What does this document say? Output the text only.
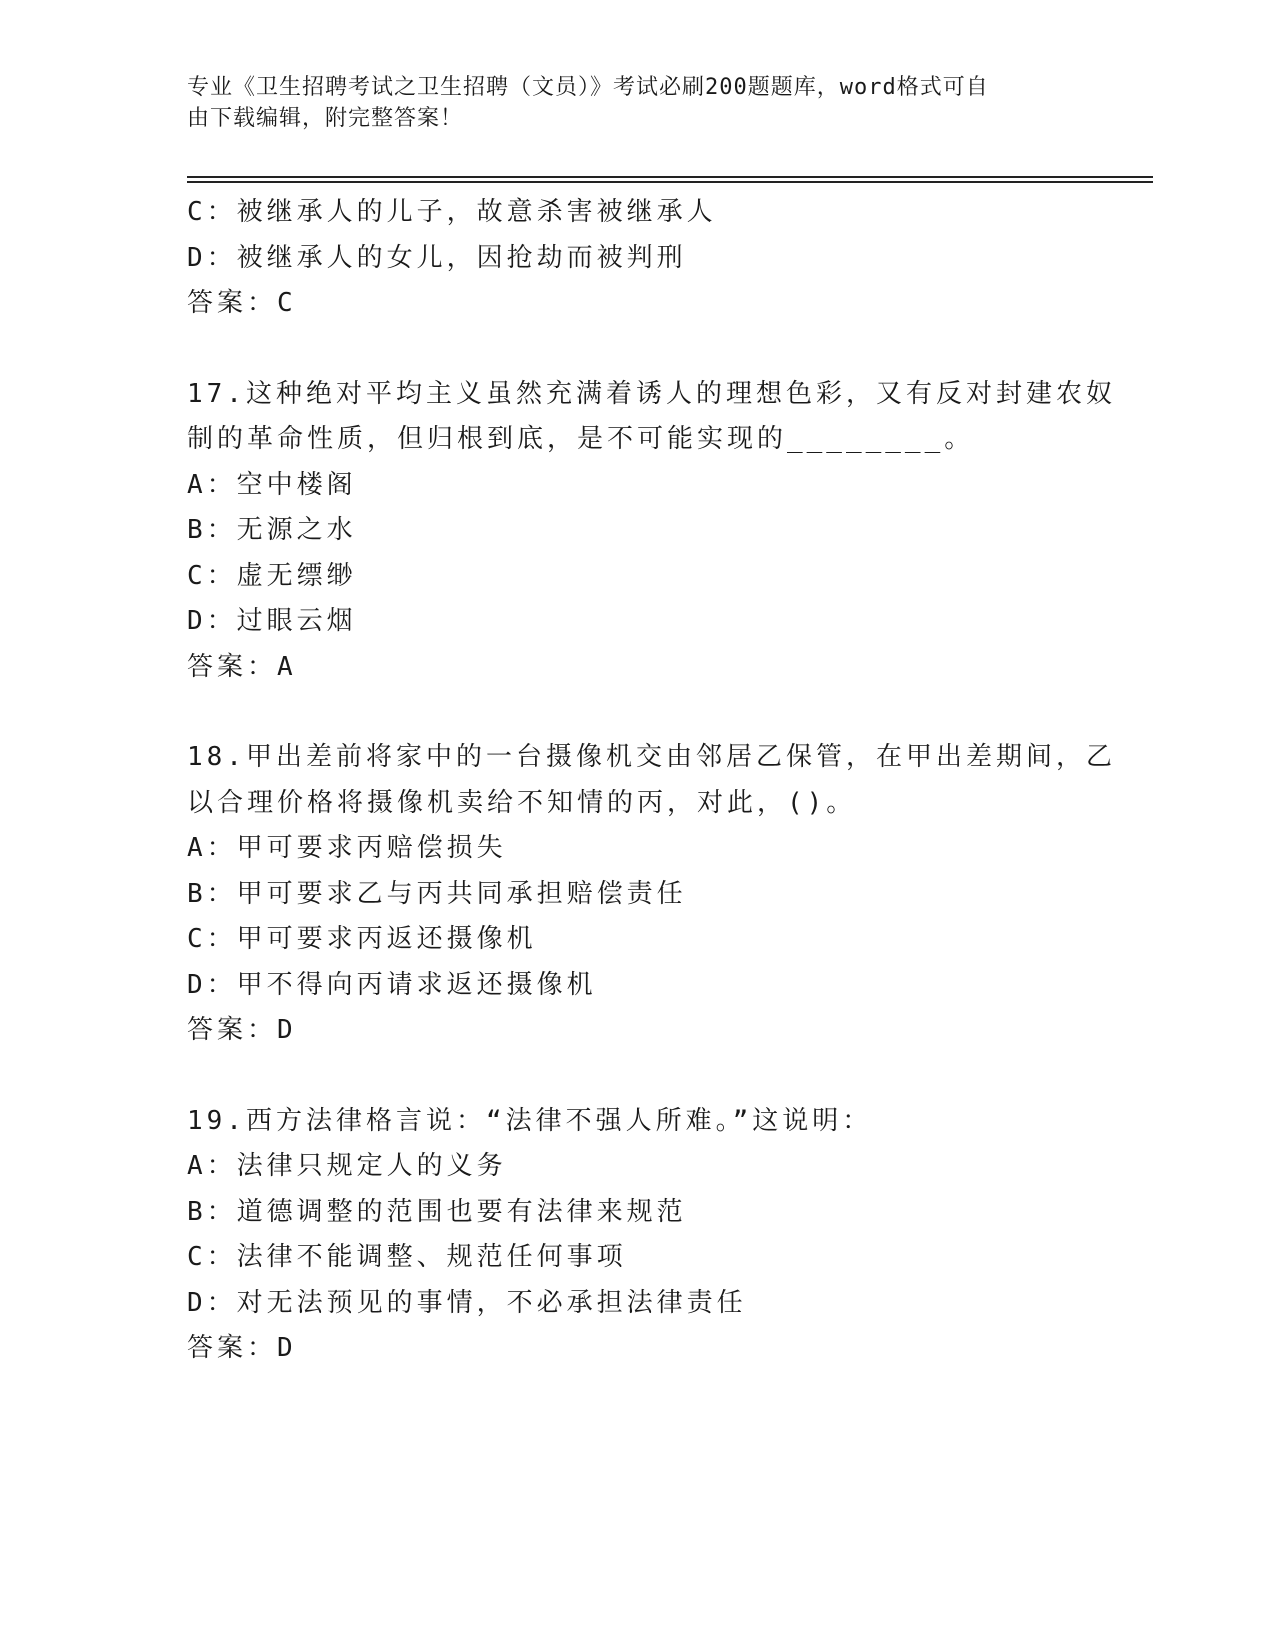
专业《卫生招聘考试之卫生招聘（文员）》考试必刷200题题库，word格式可自
由下载编辑，附完整答案！
C：被继承人的儿子，故意杀害被继承人
D：被继承人的女儿，因抢劫而被判刑
答案：C
17.这种绝对平均主义虽然充满着诱人的理想色彩，又有反对封建农奴
制的革命性质，但归根到底，是不可能实现的________。
A：空中楼阁
B：无源之水
C：虚无缥缈
D：过眼云烟
答案：A
18.甲出差前将家中的一台摄像机交由邻居乙保管，在甲出差期间，乙
以合理价格将摄像机卖给不知情的丙，对此，()。
A：甲可要求丙赔偿损失
B：甲可要求乙与丙共同承担赔偿责任
C：甲可要求丙返还摄像机
D：甲不得向丙请求返还摄像机
答案：D
19.西方法律格言说：“法律不强人所难。”这说明：
A：法律只规定人的义务
B：道德调整的范围也要有法律来规范
C：法律不能调整、规范任何事项
D：对无法预见的事情，不必承担法律责任
答案：D
